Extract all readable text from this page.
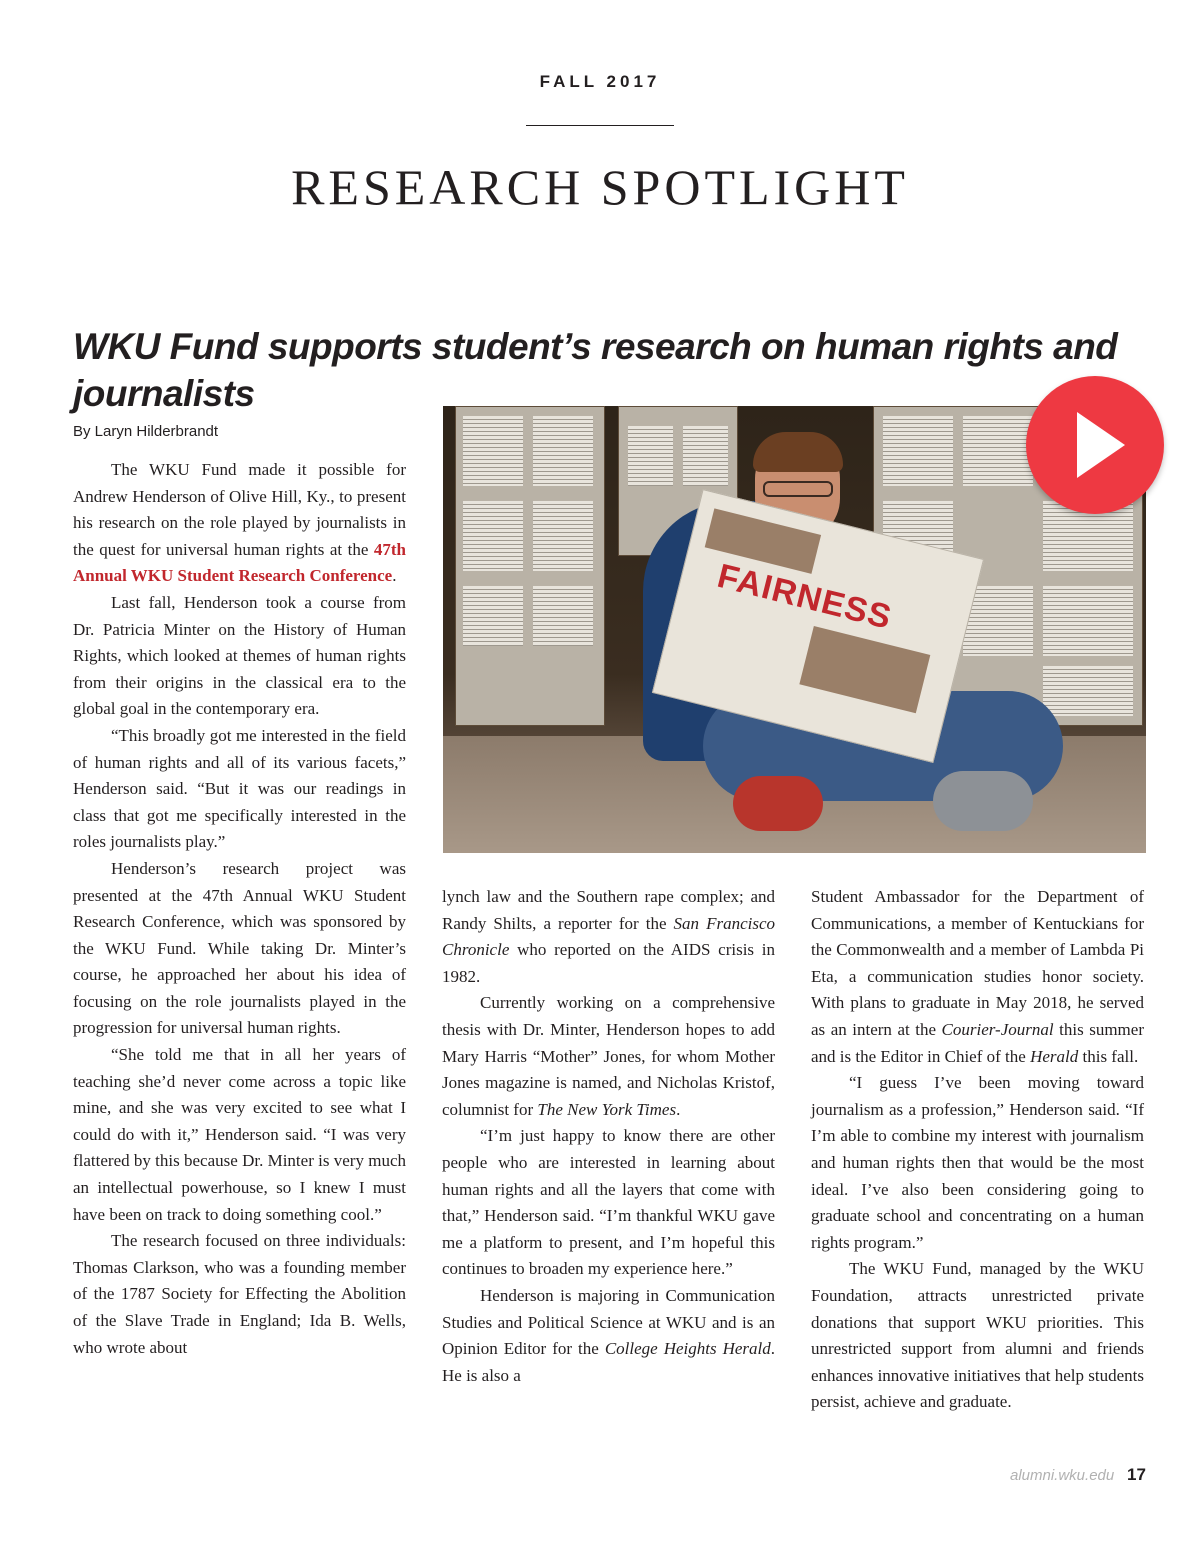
FALL 2017
RESEARCH SPOTLIGHT
WKU Fund supports student’s research on human rights and journalists
By Laryn Hilderbrandt

The WKU Fund made it possible for Andrew Henderson of Olive Hill, Ky., to present his research on the role played by journalists in the quest for universal human rights at the 47th Annual WKU Student Research Conference.

Last fall, Henderson took a course from Dr. Patricia Minter on the History of Human Rights, which looked at themes of human rights from their origins in the classical era to the global goal in the contemporary era.

“This broadly got me interested in the field of human rights and all of its various facets,” Henderson said. “But it was our readings in class that got me specifically interested in the roles journalists play.”

Henderson’s research project was presented at the 47th Annual WKU Student Research Conference, which was sponsored by the WKU Fund. While taking Dr. Minter’s course, he approached her about his idea of focusing on the role journalists played in the progression for universal human rights.

“She told me that in all her years of teaching she’d never come across a topic like mine, and she was very excited to see what I could do with it,” Henderson said. “I was very flattered by this because Dr. Minter is very much an intellectual powerhouse, so I knew I must have been on track to doing something cool.”

The research focused on three individuals: Thomas Clarkson, who was a founding member of the 1787 Society for Effecting the Abolition of the Slave Trade in England; Ida B. Wells, who wrote about

lynch law and the Southern rape complex; and Randy Shilts, a reporter for the San Francisco Chronicle who reported on the AIDS crisis in 1982.

Currently working on a comprehensive thesis with Dr. Minter, Henderson hopes to add Mary Harris “Mother” Jones, for whom Mother Jones magazine is named, and Nicholas Kristof, columnist for The New York Times.

“I’m just happy to know there are other people who are interested in learning about human rights and all the layers that come with that,” Henderson said. “I’m thankful WKU gave me a platform to present, and I’m hopeful this continues to broaden my experience here.”

Henderson is majoring in Communication Studies and Political Science at WKU and is an Opinion Editor for the College Heights Herald. He is also a

Student Ambassador for the Department of Communications, a member of Kentuckians for the Commonwealth and a member of Lambda Pi Eta, a communication studies honor society. With plans to graduate in May 2018, he served as an intern at the Courier-Journal this summer and is the Editor in Chief of the Herald this fall.

“I guess I’ve been moving toward journalism as a profession,” Henderson said. “If I’m able to combine my interest with journalism and human rights then that would be the most ideal. I’ve also been considering going to graduate school and concentrating on a human rights program.”

The WKU Fund, managed by the WKU Foundation, attracts unrestricted private donations that support WKU priorities. This unrestricted support from alumni and friends enhances innovative initiatives that help students persist, achieve and graduate.

FAIRNESS
alumni.wku.edu 17
